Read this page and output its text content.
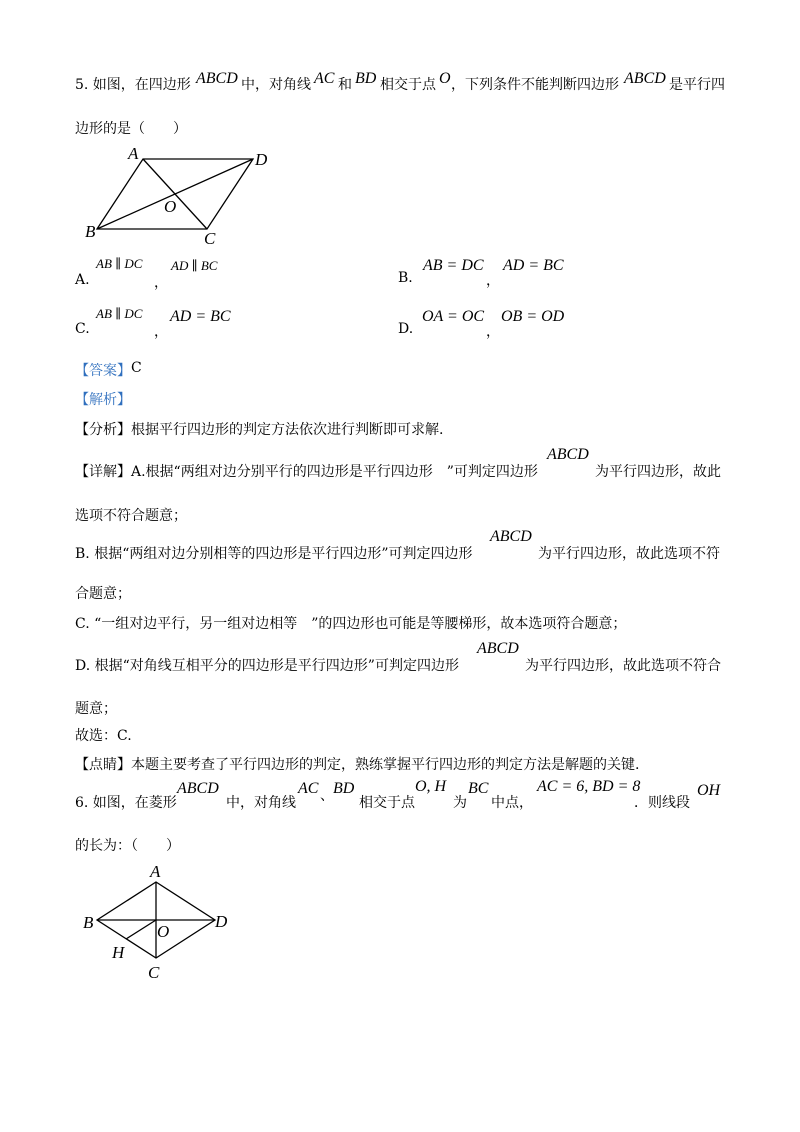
5. 如图，在四边形 ABCD 中，对角线 AC 和 BD 相交于点 O ，下列条件不能判断四边形 ABCD 是平行四
边形的是（　　）
A	D
O
B	C
A.
AB ∥ DC
，
AD ∥ BC
B.
AB = DC
，
AD = BC
C.
AB ∥ DC
，
AD = BC
D.
OA = OC
，
OB = OD
【答案】 C
【解析】
【分析】 根据平行四边形的判定方法依次进行判断即可求解.
【详解】 A.根据“两组对边分别平行的四边形是平行四边形　”可判定四边形
ABCD
为平行四边形，故此
选项不符合题意；
B. 根据“两组对边分别相等的四边形是平行四边形”可判定四边形
ABCD
为平行四边形，故此选项不符
合题意；
C. “一组对边平行，另一组对边相等　”的四边形也可能是等腰梯形，故本选项符合题意；
D. 根据“对角线互相平分的四边形是平行四边形”可判定四边形
ABCD
为平行四边形，故此选项不符合
题意；
故选：C.
【点睛】 本题主要考查了平行四边形的判定，熟练掌握平行四边形的判定方法是解题的关键.
6. 如图，在菱形
ABCD
中，对角线
AC 、 BD
相交于点
O, H
为
BC
中点，
AC = 6, BD = 8
．则线段
OH
的长为：（　　）
A
B	D
O
H
C
